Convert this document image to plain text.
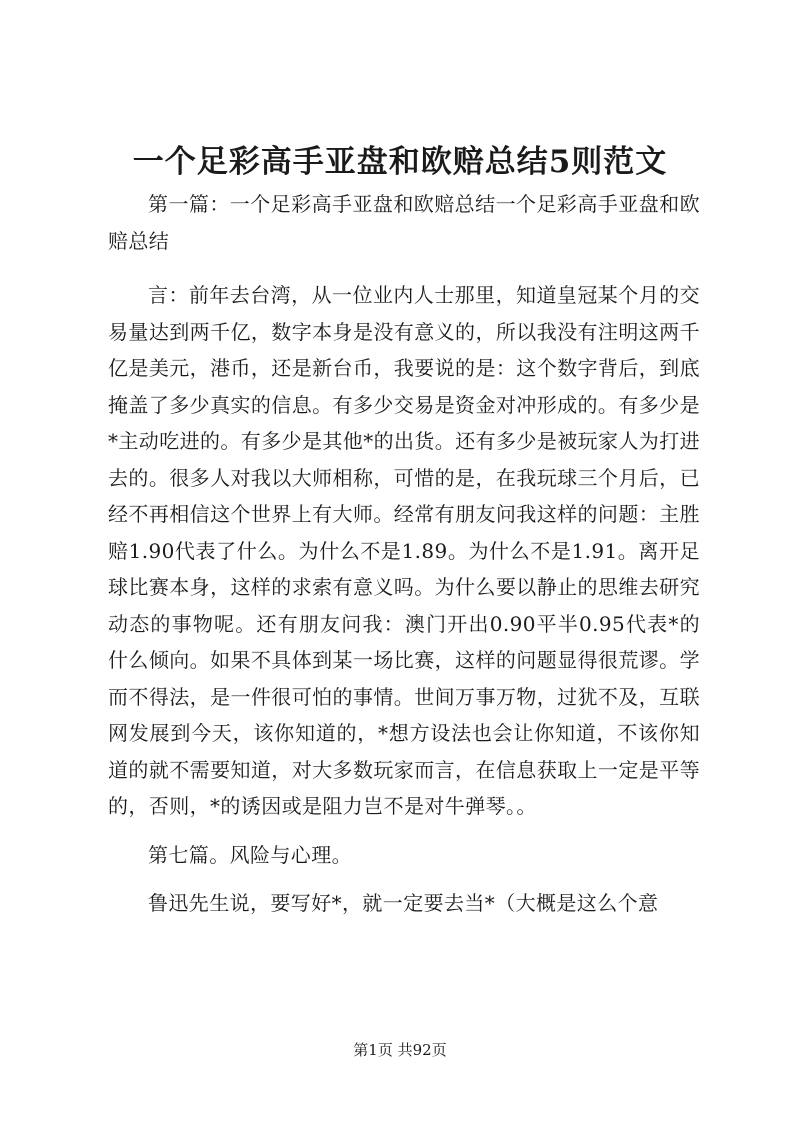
一个足彩高手亚盘和欧赔总结5则范文

第一篇：一个足彩高手亚盘和欧赔总结一个足彩高手亚盘和欧赔总结

言：前年去台湾，从一位业内人士那里，知道皇冠某个月的交易量达到两千亿，数字本身是没有意义的，所以我没有注明这两千亿是美元，港币，还是新台币，我要说的是：这个数字背后，到底掩盖了多少真实的信息。有多少交易是资金对冲形成的。有多少是*主动吃进的。有多少是其他*的出货。还有多少是被玩家人为打进去的。很多人对我以大师相称，可惜的是，在我玩球三个月后，已经不再相信这个世界上有大师。经常有朋友问我这样的问题：主胜赔1.90代表了什么。为什么不是1.89。为什么不是1.91。离开足球比赛本身，这样的求索有意义吗。为什么要以静止的思维去研究动态的事物呢。还有朋友问我：澳门开出0.90平半0.95代表*的什么倾向。如果不具体到某一场比赛，这样的问题显得很荒谬。学而不得法，是一件很可怕的事情。世间万事万物，过犹不及，互联网发展到今天，该你知道的，*想方设法也会让你知道，不该你知道的就不需要知道，对大多数玩家而言，在信息获取上一定是平等的，否则，*的诱因或是阻力岂不是对牛弹琴。。

第七篇。风险与心理。

鲁迅先生说，要写好*，就一定要去当*（大概是这么个意

第1页 共92页
